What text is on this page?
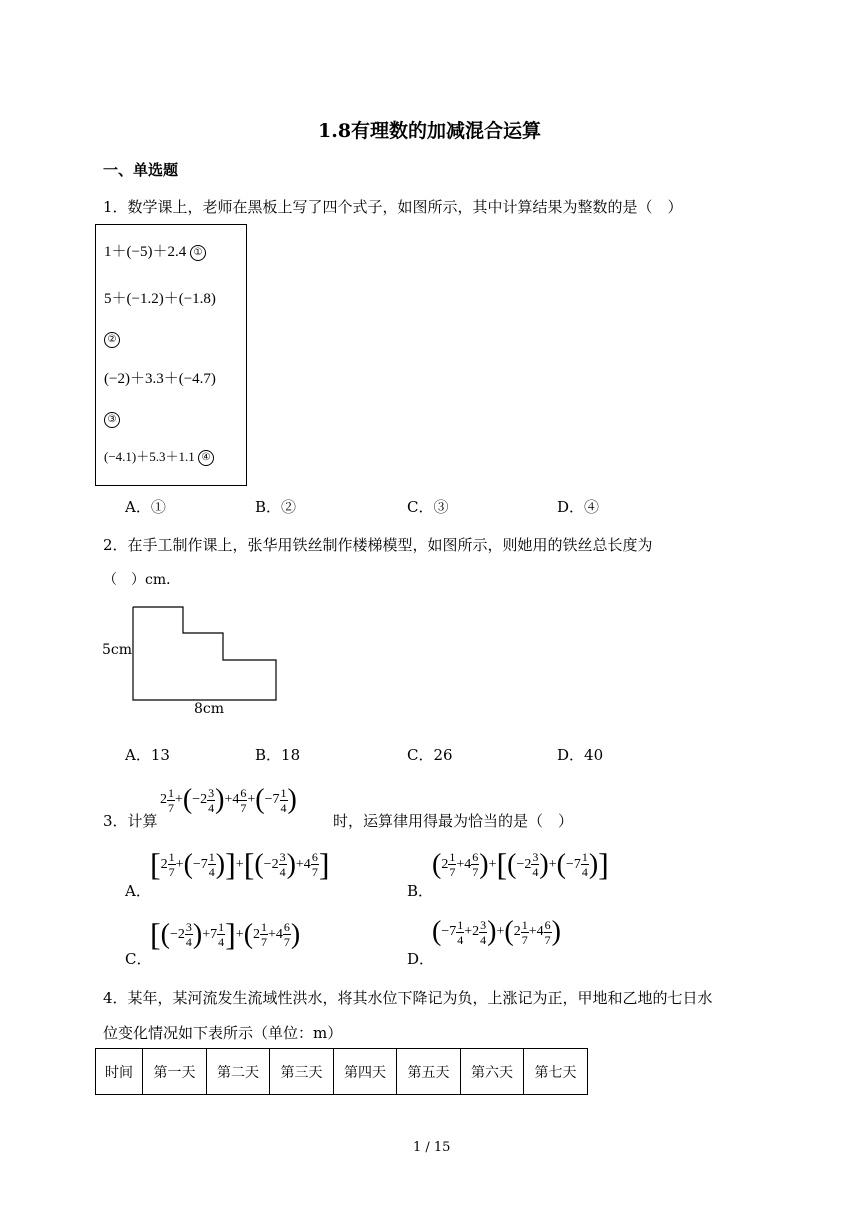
1.8有理数的加减混合运算
一、单选题
1．数学课上，老师在黑板上写了四个式子，如图所示，其中计算结果为整数的是（　）
1＋(−5)＋2.4 ①
5＋(−1.2)＋(−1.8)
②
(−2)＋3.3＋(−4.7)
③
(−4.1)＋5.3＋1.1 ④
A．①	B．②	C．③	D．④
2．在手工制作课上，张华用铁丝制作楼梯模型，如图所示，则她用的铁丝总长度为
（　）cm．
5cm
8cm
A．13	B．18	C．26	D．40
3．计算
$2 \frac{1}{7}$ + ( $-2 \frac{3}{4}$ ) $+4 \frac{6}{7}$ + ( $-7 \frac{1}{4}$ )
时，运算律用得最为恰当的是（　）
A．
[ $2 \frac{1}{7}$ + ( $-7 \frac{1}{4}$ ) ] + [ ( $-2 \frac{3}{4}$ ) $+4 \frac{6}{7}$ ]
B．
( $2 \frac{1}{7} +4 \frac{6}{7}$ ) + [ ( $-2 \frac{3}{4}$ ) + ( $-7 \frac{1}{4}$ ) ]
C．
[ ( $-2 \frac{3}{4}$ ) $+7 \frac{1}{4}$ ] + ( $2 \frac{1}{7} +4 \frac{6}{7}$ )
D．
( $-7 \frac{1}{4} +2 \frac{3}{4}$ ) + ( $2 \frac{1}{7} +4 \frac{6}{7}$ )
4．某年，某河流发生流域性洪水，将其水位下降记为负，上涨记为正，甲地和乙地的七日水
位变化情况如下表所示（单位：m）
时间	第一天	第二天	第三天	第四天	第五天	第六天	第七天
1 / 15
